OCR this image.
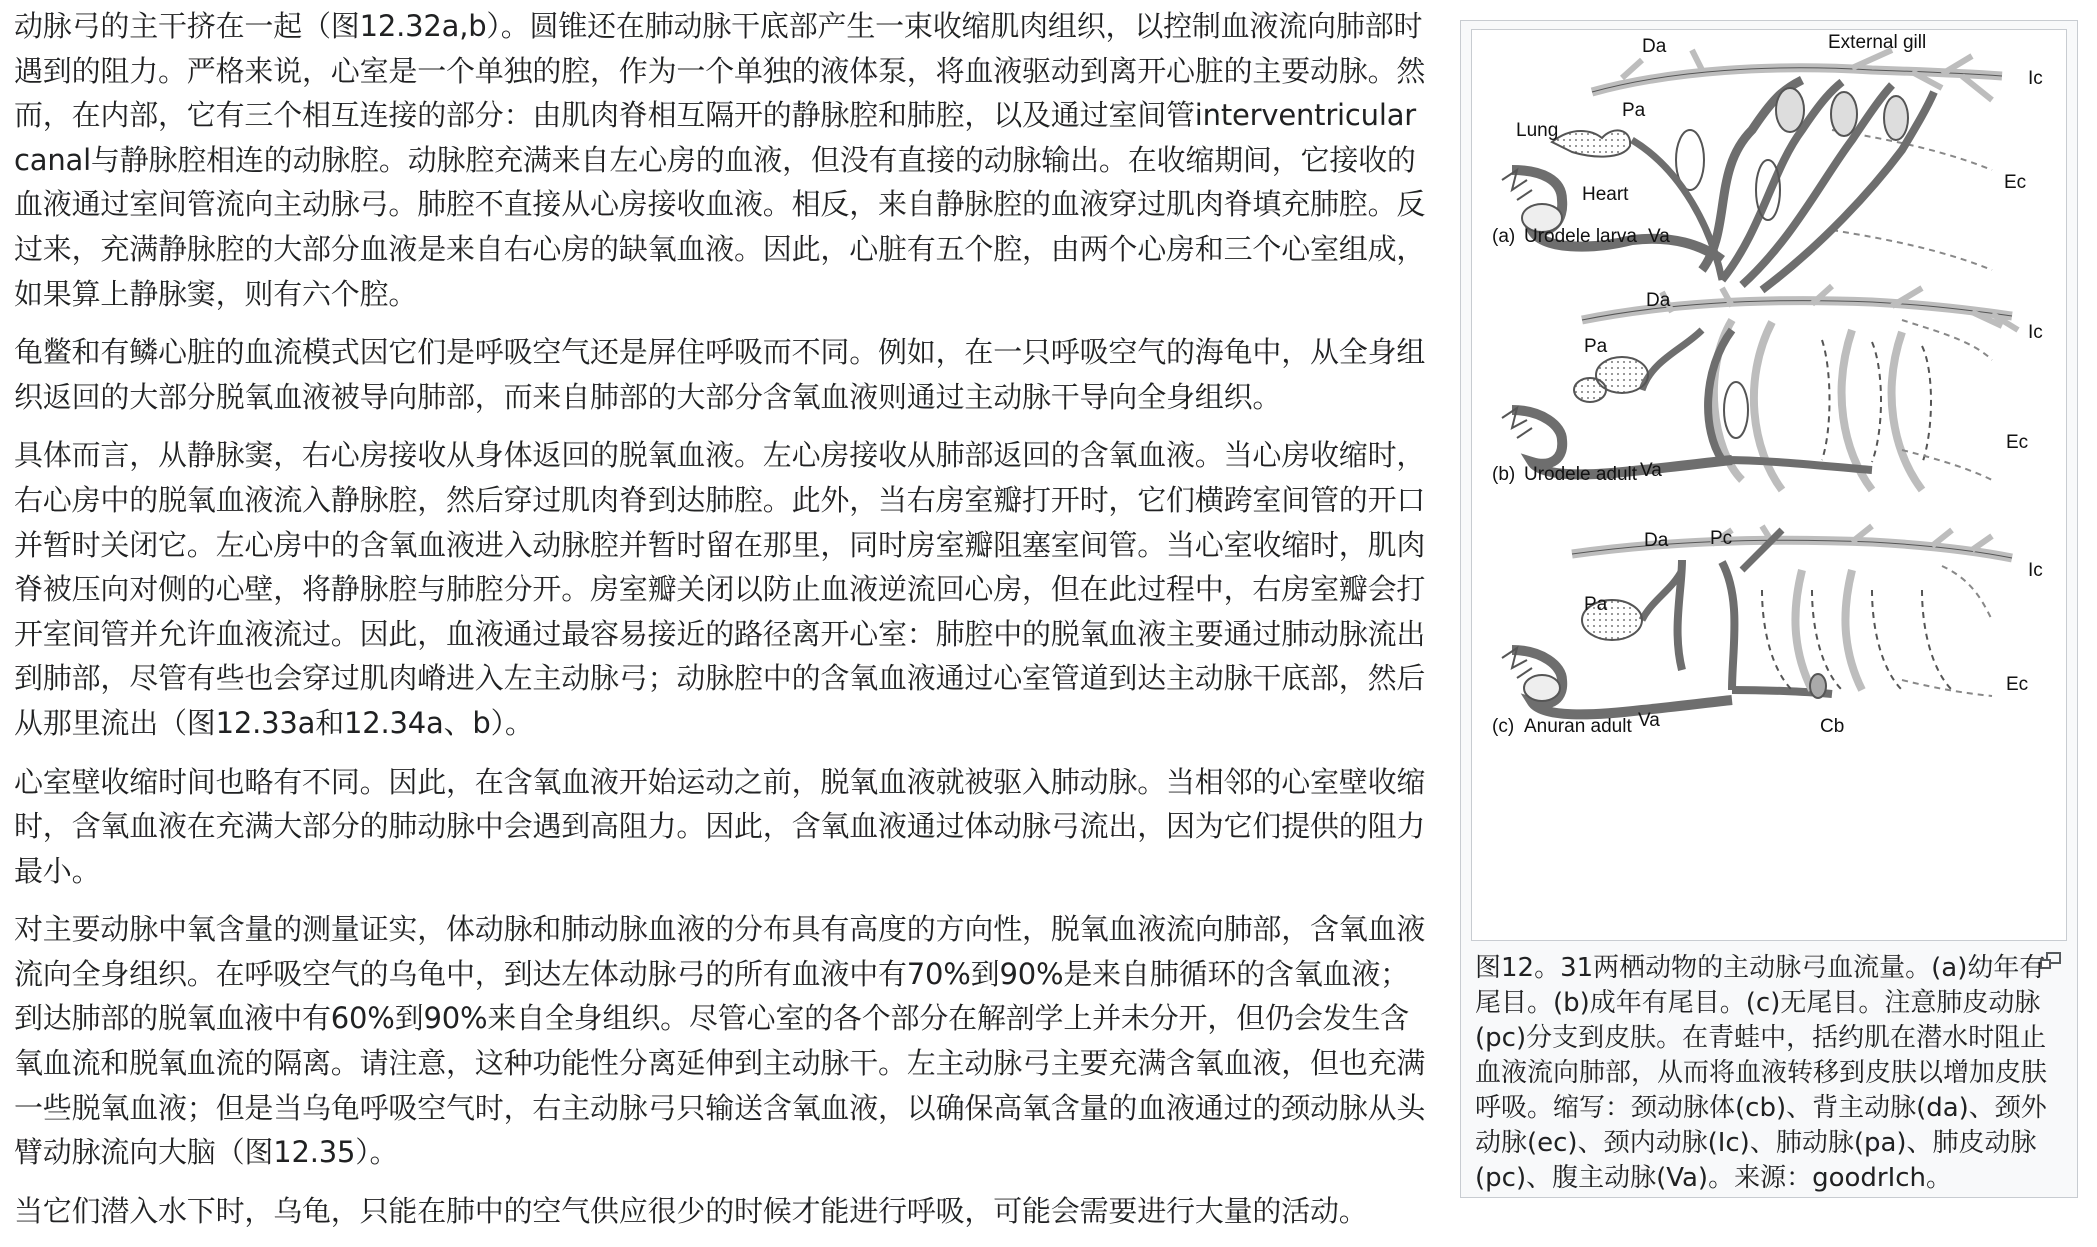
动脉弓的主干挤在一起（图12.32a,b）。圆锥还在肺动脉干底部产生一束收缩肌肉组织，以控制血液流向肺部时遇到的阻力。严格来说，心室是一个单独的腔，作为一个单独的液体泵，将血液驱动到离开心脏的主要动脉。然而，在内部，它有三个相互连接的部分：由肌肉脊相互隔开的静脉腔和肺腔，以及通过室间管interventricular canal与静脉腔相连的动脉腔。动脉腔充满来自左心房的血液，但没有直接的动脉输出。在收缩期间，它接收的血液通过室间管流向主动脉弓。肺腔不直接从心房接收血液。相反，来自静脉腔的血液穿过肌肉脊填充肺腔。反过来，充满静脉腔的大部分血液是来自右心房的缺氧血液。因此，心脏有五个腔，由两个心房和三个心室组成，如果算上静脉窦，则有六个腔。

龟鳖和有鳞心脏的血流模式因它们是呼吸空气还是屏住呼吸而不同。例如，在一只呼吸空气的海龟中，从全身组织返回的大部分脱氧血液被导向肺部，而来自肺部的大部分含氧血液则通过主动脉干导向全身组织。

具体而言，从静脉窦，右心房接收从身体返回的脱氧血液。左心房接收从肺部返回的含氧血液。当心房收缩时，右心房中的脱氧血液流入静脉腔，然后穿过肌肉脊到达肺腔。此外，当右房室瓣打开时，它们横跨室间管的开口并暂时关闭它。左心房中的含氧血液进入动脉腔并暂时留在那里，同时房室瓣阻塞室间管。当心室收缩时，肌肉脊被压向对侧的心壁，将静脉腔与肺腔分开。房室瓣关闭以防止血液逆流回心房，但在此过程中，右房室瓣会打开室间管并允许血液流过。因此，血液通过最容易接近的路径离开心室：肺腔中的脱氧血液主要通过肺动脉流出到肺部，尽管有些也会穿过肌肉嵴进入左主动脉弓；动脉腔中的含氧血液通过心室管道到达主动脉干底部，然后从那里流出（图12.33a和12.34a、b）。

心室壁收缩时间也略有不同。因此，在含氧血液开始运动之前，脱氧血液就被驱入肺动脉。当相邻的心室壁收缩时，含氧血液在充满大部分的肺动脉中会遇到高阻力。因此，含氧血液通过体动脉弓流出，因为它们提供的阻力最小。

对主要动脉中氧含量的测量证实，体动脉和肺动脉血液的分布具有高度的方向性，脱氧血液流向肺部，含氧血液流向全身组织。在呼吸空气的乌龟中，到达左体动脉弓的所有血液中有70%到90%是来自肺循环的含氧血液；到达肺部的脱氧血液中有60%到90%来自全身组织。尽管心室的各个部分在解剖学上并未分开，但仍会发生含氧血流和脱氧血流的隔离。请注意，这种功能性分离延伸到主动脉干。左主动脉弓主要充满含氧血液，但也充满一些脱氧血液；但是当乌龟呼吸空气时，右主动脉弓只输送含氧血液，以确保高氧含量的血液通过的颈动脉从头臂动脉流向大脑（图12.35）。

当它们潜入水下时，乌龟，只能在肺中的空气供应很少的时候才能进行呼吸，可能会需要进行大量的活动。

Da
Pa
Lung
Heart
Va
External gill
Ic
Ec
(a) Urodele larva
Da
Pa
Va
Ic
Ec
(b) Urodele adult
Da Pc
Pa
Va	Cb
Ic
Ec
(c) Anuran adult
图12。31两栖动物的主动脉弓血流量。(a)幼年有尾目。(b)成年有尾目。(c)无尾目。注意肺皮动脉(pc)分支到皮肤。在青蛙中，括约肌在潜水时阻止血液流向肺部，从而将血液转移到皮肤以增加皮肤呼吸。缩写：颈动脉体(cb)、背主动脉(da)、颈外动脉(ec)、颈内动脉(Ic)、肺动脉(pa)、肺皮动脉(pc)、腹主动脉(Va)。来源：goodrIch。
